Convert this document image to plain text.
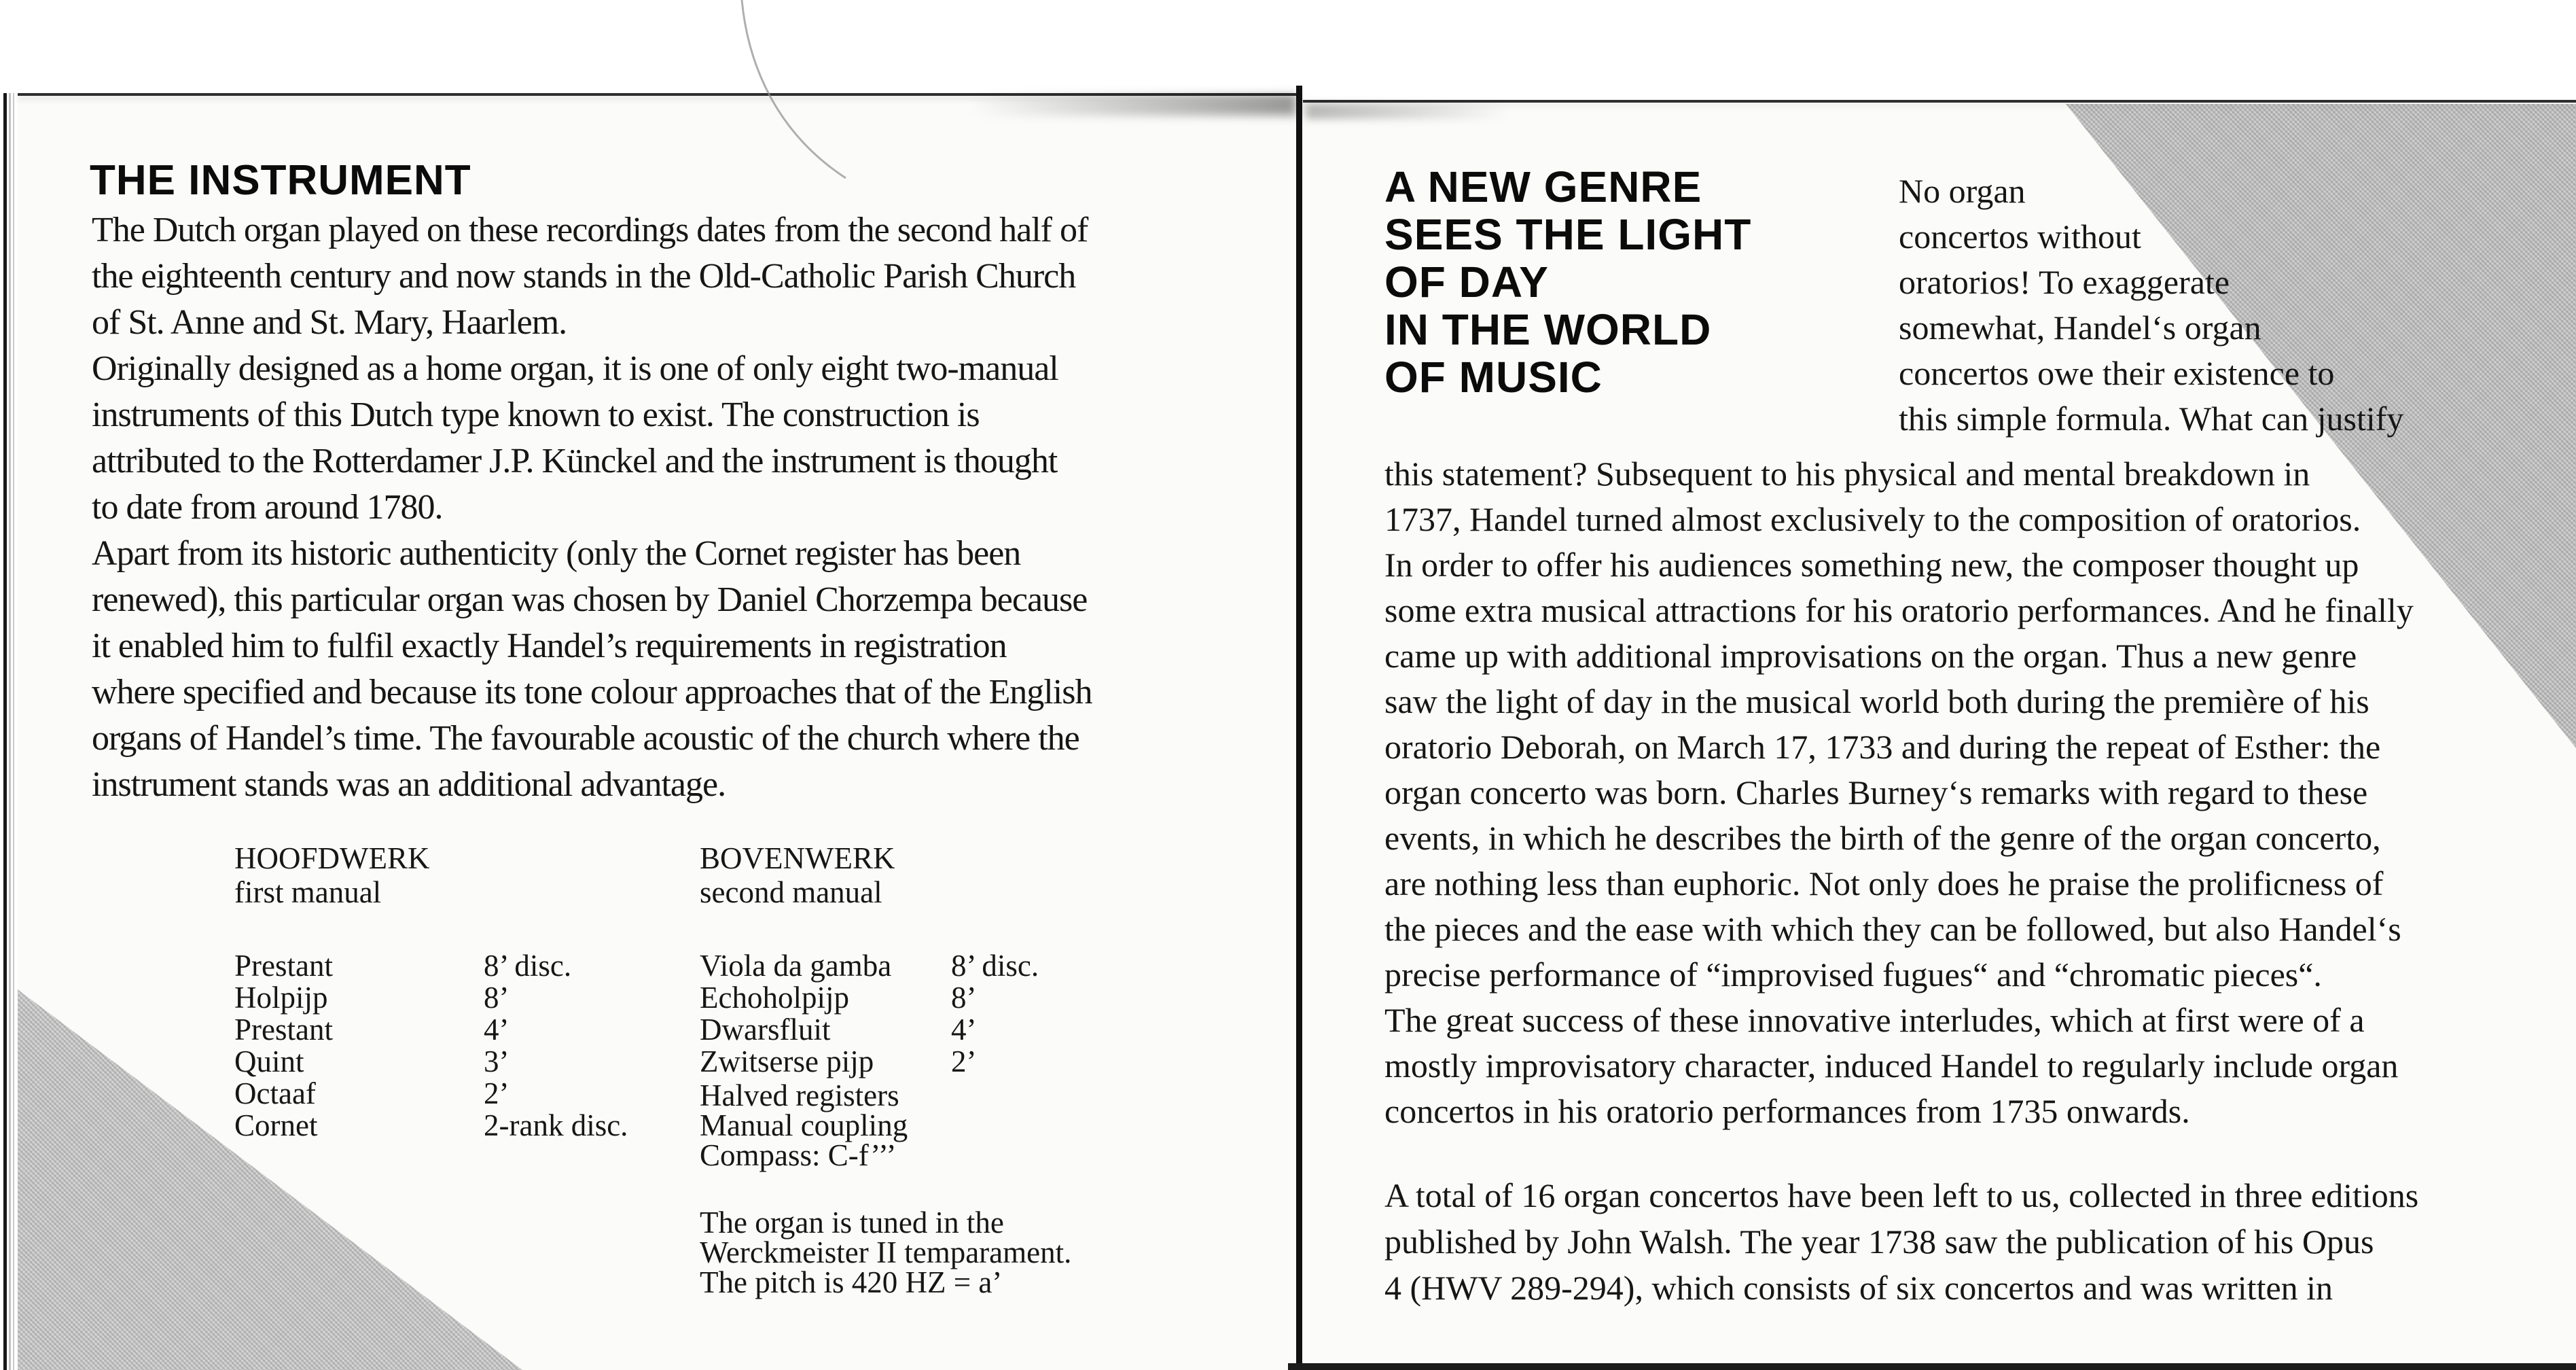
THE INSTRUMENT
The Dutch organ played on these recordings dates from the second half of
the eighteenth century and now stands in the Old-Catholic Parish Church
of St. Anne and St. Mary, Haarlem.
Originally designed as a home organ, it is one of only eight two-manual
instruments of this Dutch type known to exist. The construction is
attributed to the Rotterdamer J.P. Künckel and the instrument is thought
to date from around 1780.
Apart from its historic authenticity (only the Cornet register has been
renewed), this particular organ was chosen by Daniel Chorzempa because
it enabled him to fulfil exactly Handel’s requirements in registration
where specified and because its tone colour approaches that of the English
organs of Handel’s time. The favourable acoustic of the church where the
instrument stands was an additional advantage.
HOOFDWERK
first manual
Prestant	8’ disc.
Holpijp	8’
Prestant	4’
Quint	3’
Octaaf	2’
Cornet	2-rank disc.
BOVENWERK
second manual
Viola da gamba	8’ disc.
Echoholpijp	8’
Dwarsfluit	4’
Zwitserse pijp	2’
Halved registers
Manual coupling
Compass: C-f’’’
The organ is tuned in the
Werckmeister II temparament.
The pitch is 420 HZ = a’
A NEW GENRE
SEES THE LIGHT
OF DAY
IN THE WORLD
OF MUSIC
No organ
concertos without
oratorios! To exaggerate
somewhat, Handel‘s organ
concertos owe their existence to
this simple formula. What can justify
this statement? Subsequent to his physical and mental breakdown in
1737, Handel turned almost exclusively to the composition of oratorios.
In order to offer his audiences something new, the composer thought up
some extra musical attractions for his oratorio performances. And he finally
came up with additional improvisations on the organ. Thus a new genre
saw the light of day in the musical world both during the première of his
oratorio Deborah, on March 17, 1733 and during the repeat of Esther: the
organ concerto was born. Charles Burney‘s remarks with regard to these
events, in which he describes the birth of the genre of the organ concerto,
are nothing less than euphoric. Not only does he praise the prolificness of
the pieces and the ease with which they can be followed, but also Handel‘s
precise performance of “improvised fugues“ and “chromatic pieces“.
The great success of these innovative interludes, which at first were of a
mostly improvisatory character, induced Handel to regularly include organ
concertos in his oratorio performances from 1735 onwards.
A total of 16 organ concertos have been left to us, collected in three editions
published by John Walsh. The year 1738 saw the publication of his Opus
4 (HWV 289-294), which consists of six concertos and was written in
